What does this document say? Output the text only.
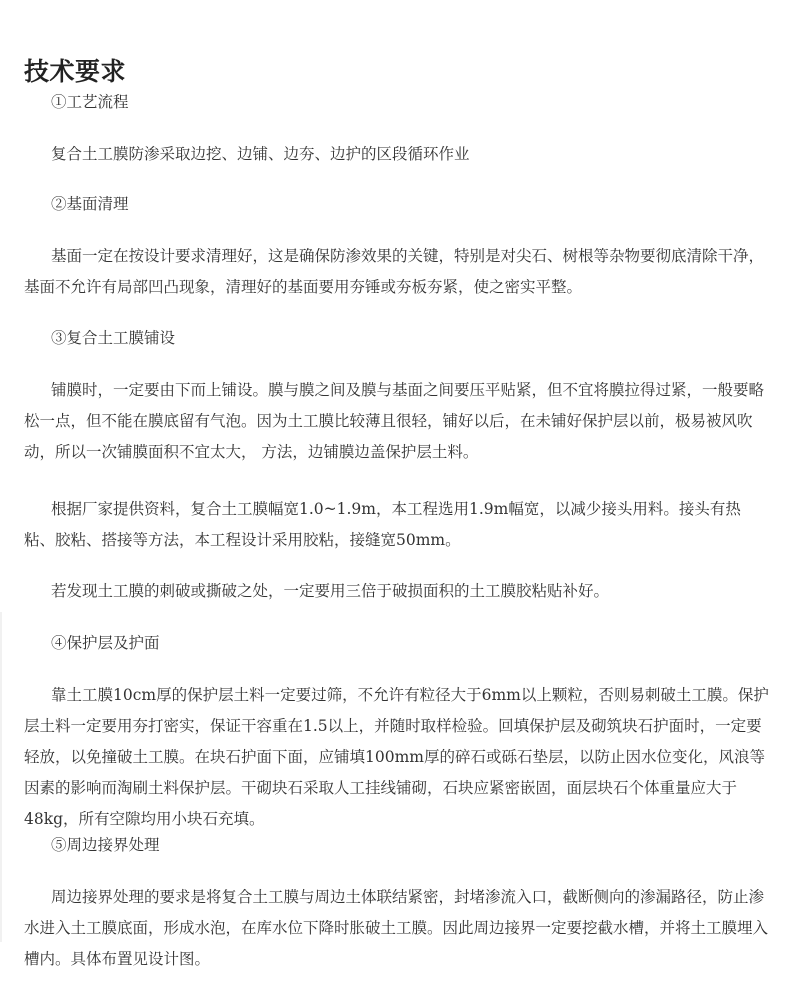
技术要求

①工艺流程

复合土工膜防渗采取边挖、边铺、边夯、边护的区段循环作业

②基面清理

基面一定在按设计要求清理好，这是确保防渗效果的关键，特别是对尖石、树根等杂物要彻底清除干净，基面不允许有局部凹凸现象，清理好的基面要用夯锤或夯板夯紧，使之密实平整。

③复合土工膜铺设

铺膜时，一定要由下而上铺设。膜与膜之间及膜与基面之间要压平贴紧，但不宜将膜拉得过紧，一般要略松一点，但不能在膜底留有气泡。因为土工膜比较薄且很轻，铺好以后，在未铺好保护层以前，极易被风吹动，所以一次铺膜面积不宜太大， 方法，边铺膜边盖保护层土料。

根据厂家提供资料，复合土工膜幅宽1.0~1.9m，本工程选用1.9m幅宽，以减少接头用料。接头有热粘、胶粘、搭接等方法，本工程设计采用胶粘，接缝宽50mm。

若发现土工膜的刺破或撕破之处，一定要用三倍于破损面积的土工膜胶粘贴补好。

④保护层及护面

靠土工膜10cm厚的保护层土料一定要过筛，不允许有粒径大于6mm以上颗粒，否则易刺破土工膜。保护层土料一定要用夯打密实，保证干容重在1.5以上，并随时取样检验。回填保护层及砌筑块石护面时，一定要轻放，以免撞破土工膜。在块石护面下面，应铺填100mm厚的碎石或砾石垫层，以防止因水位变化，风浪等因素的影响而淘刷土料保护层。干砌块石采取人工挂线铺砌，石块应紧密嵌固，面层块石个体重量应大于48kg，所有空隙均用小块石充填。

⑤周边接界处理

周边接界处理的要求是将复合土工膜与周边土体联结紧密，封堵渗流入口，截断侧向的渗漏路径，防止渗水进入土工膜底面，形成水泡，在库水位下降时胀破土工膜。因此周边接界一定要挖截水槽，并将土工膜埋入槽内。具体布置见设计图。
